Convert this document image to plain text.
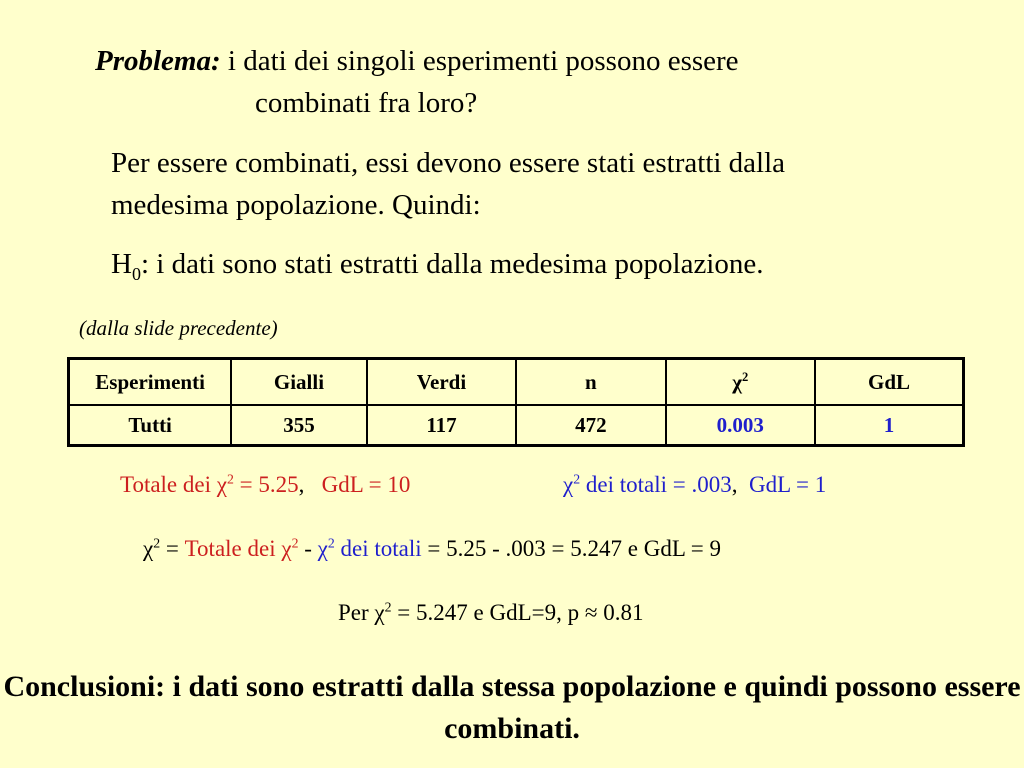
Problema: i dati dei singoli esperimenti possono essere
combinati fra loro?
Per essere combinati, essi devono essere stati estratti dalla
medesima popolazione. Quindi:
$H_0$: i dati sono stati estratti dalla medesima popolazione.
(dalla slide precedente)
Esperimenti	Gialli	Verdi	n	$\chi^2$	GdL
Tutti	355	117	472	0.003	1
Totale dei $\chi^2 = 5.25$, GdL = 10	$\chi^2$ dei totali = .003, GdL = 1
$\chi^2$ = Totale dei $\chi^2 - \chi^2$ dei totali = 5.25 - .003 = 5.247 e GdL = 9
Per $\chi^2 = 5.247$ e GdL=9, p ≈ 0.81
Conclusioni: i dati sono estratti dalla stessa popolazione e quindi possono essere combinati.
